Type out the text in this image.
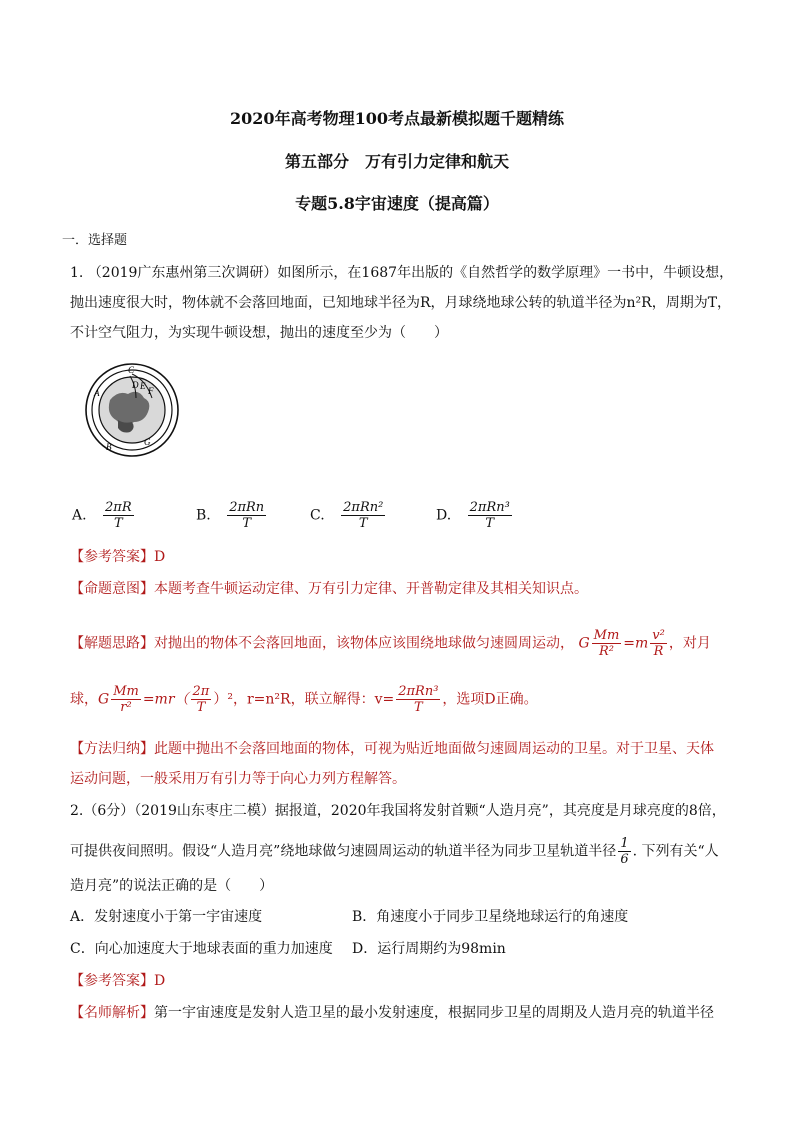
2020年高考物理100考点最新模拟题千题精练
第五部分　万有引力定律和航天
专题5.8宇宙速度（提高篇）
一．选择题
1. （2019广东惠州第三次调研）如图所示，在1687年出版的《自然哲学的数学原理》一书中，牛顿设想，
抛出速度很大时，物体就不会落回地面，已知地球半径为R，月球绕地球公转的轨道半径为n²R，周期为T，
不计空气阻力，为实现牛顿设想，抛出的速度至少为（　　）
C
D E F
A
B	G
A. $\frac{2\pi R}{T}$	B. $\frac{\text{2πRn}}{T}$	C. $\frac{\text{2πRn²}}{T}$	D. $\frac{\text{2πRn³}}{T}$
【参考答案】D
【命题意图】本题考查牛顿运动定律、万有引力定律、开普勒定律及其相关知识点。
【解题思路】对抛出的物体不会落回地面，该物体应该围绕地球做匀速圆周运动， G $\frac{Mm}{\text{R²}} =m \frac{\text{v²}}{R}$ ，对月
球，G $\frac{Mm}{\text{r²}} =mr( \frac{2\pi}{T} )^2$，r=n²R，联立解得：$v= \frac{\text{2πRn³}}{T}$ ，选项D正确。
【方法归纳】此题中抛出不会落回地面的物体，可视为贴近地面做匀速圆周运动的卫星。对于卫星、天体
运动问题，一般采用万有引力等于向心力列方程解答。
2.（6分）（2019山东枣庄二模）据报道，2020年我国将发射首颗“人造月亮”，其亮度是月球亮度的8倍，
可提供夜间照明。假设“人造月亮”绕地球做匀速圆周运动的轨道半径为同步卫星轨道半径 $\frac{1}{6}$ . 下列有关“人
造月亮”的说法正确的是（　　）
A．发射速度小于第一宇宙速度	B．角速度小于同步卫星绕地球运行的角速度
C．向心加速度大于地球表面的重力加速度 D．运行周期约为98min
【参考答案】D
【名师解析】第一宇宙速度是发射人造卫星的最小发射速度，根据同步卫星的周期及人造月亮的轨道半径
